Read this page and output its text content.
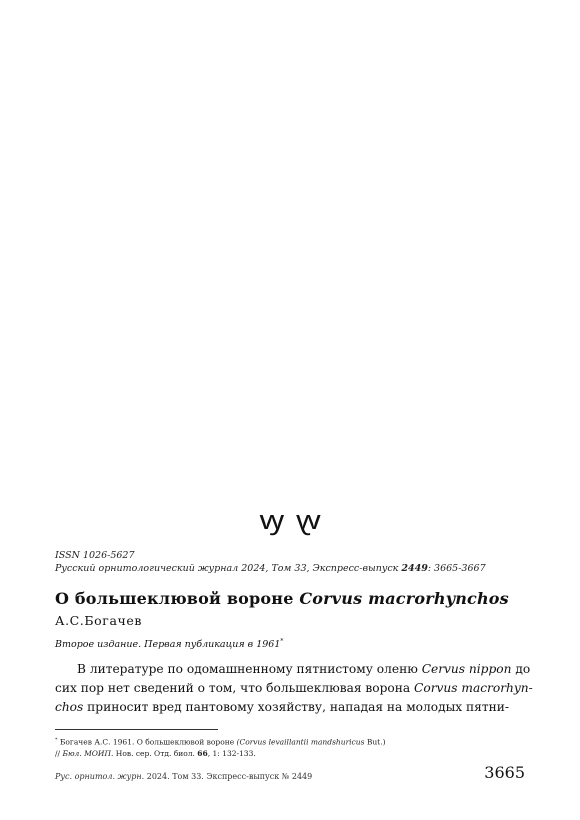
ꝡ ꝡ
ISSN 1026-5627
Русский орнитологический журнал 2024, Том 33, Экспресс-выпуск 2449: 3665-3667
О большеклювой вороне Corvus macrorhynchos
А.С.Богачев
Второе издание. Первая публикация в 1961*
В литературе по одомашненному пятнистому оленю Cervus nippon до
сих пор нет сведений о том, что большеклювая ворона Corvus macrorhyn-
chos приносит вред пантовому хозяйству, нападая на молодых пятни-
* Богачев А.С. 1961. О большеклювой вороне (Corvus levaillantii mandshuricus But.)
// Бюл. МОИП. Нов. сер. Отд. биол. 66, 1: 132-133.
Рус. орнитол. журн. 2024. Том 33. Экспресс-выпуск № 2449	3665
